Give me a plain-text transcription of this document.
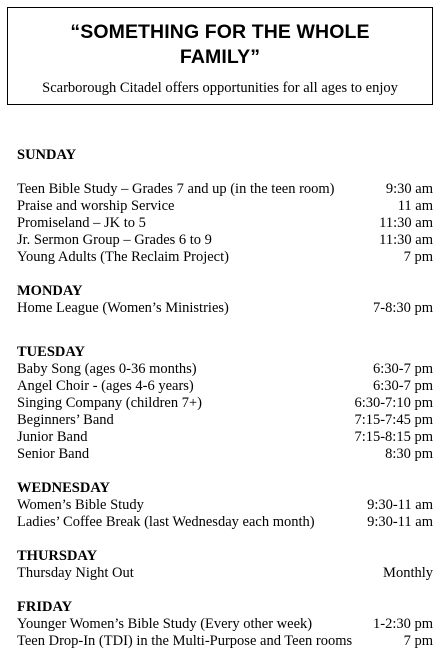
“SOMETHING FOR THE WHOLE
FAMILY”
Scarborough Citadel offers opportunities for all ages to enjoy
SUNDAY
Teen Bible Study – Grades 7 and up (in the teen room)	9:30 am
Praise and worship Service	11 am
Promiseland – JK to 5	11:30 am
Jr. Sermon Group – Grades 6 to 9	11:30 am
Young Adults (The Reclaim Project)	7 pm
MONDAY
Home League (Women’s Ministries)	7-8:30 pm
TUESDAY
Baby Song (ages 0-36 months)	6:30-7 pm
Angel Choir - (ages 4-6 years)	6:30-7 pm
Singing Company (children 7+)	6:30-7:10 pm
Beginners’ Band	7:15-7:45 pm
Junior Band	7:15-8:15 pm
Senior Band	8:30 pm
WEDNESDAY
Women’s Bible Study	9:30-11 am
Ladies’ Coffee Break (last Wednesday each month)	9:30-11 am
THURSDAY
Thursday Night Out	Monthly
FRIDAY
Younger Women’s Bible Study (Every other week)	1-2:30 pm
Teen Drop-In (TDI) in the Multi-Purpose and Teen rooms	7 pm
